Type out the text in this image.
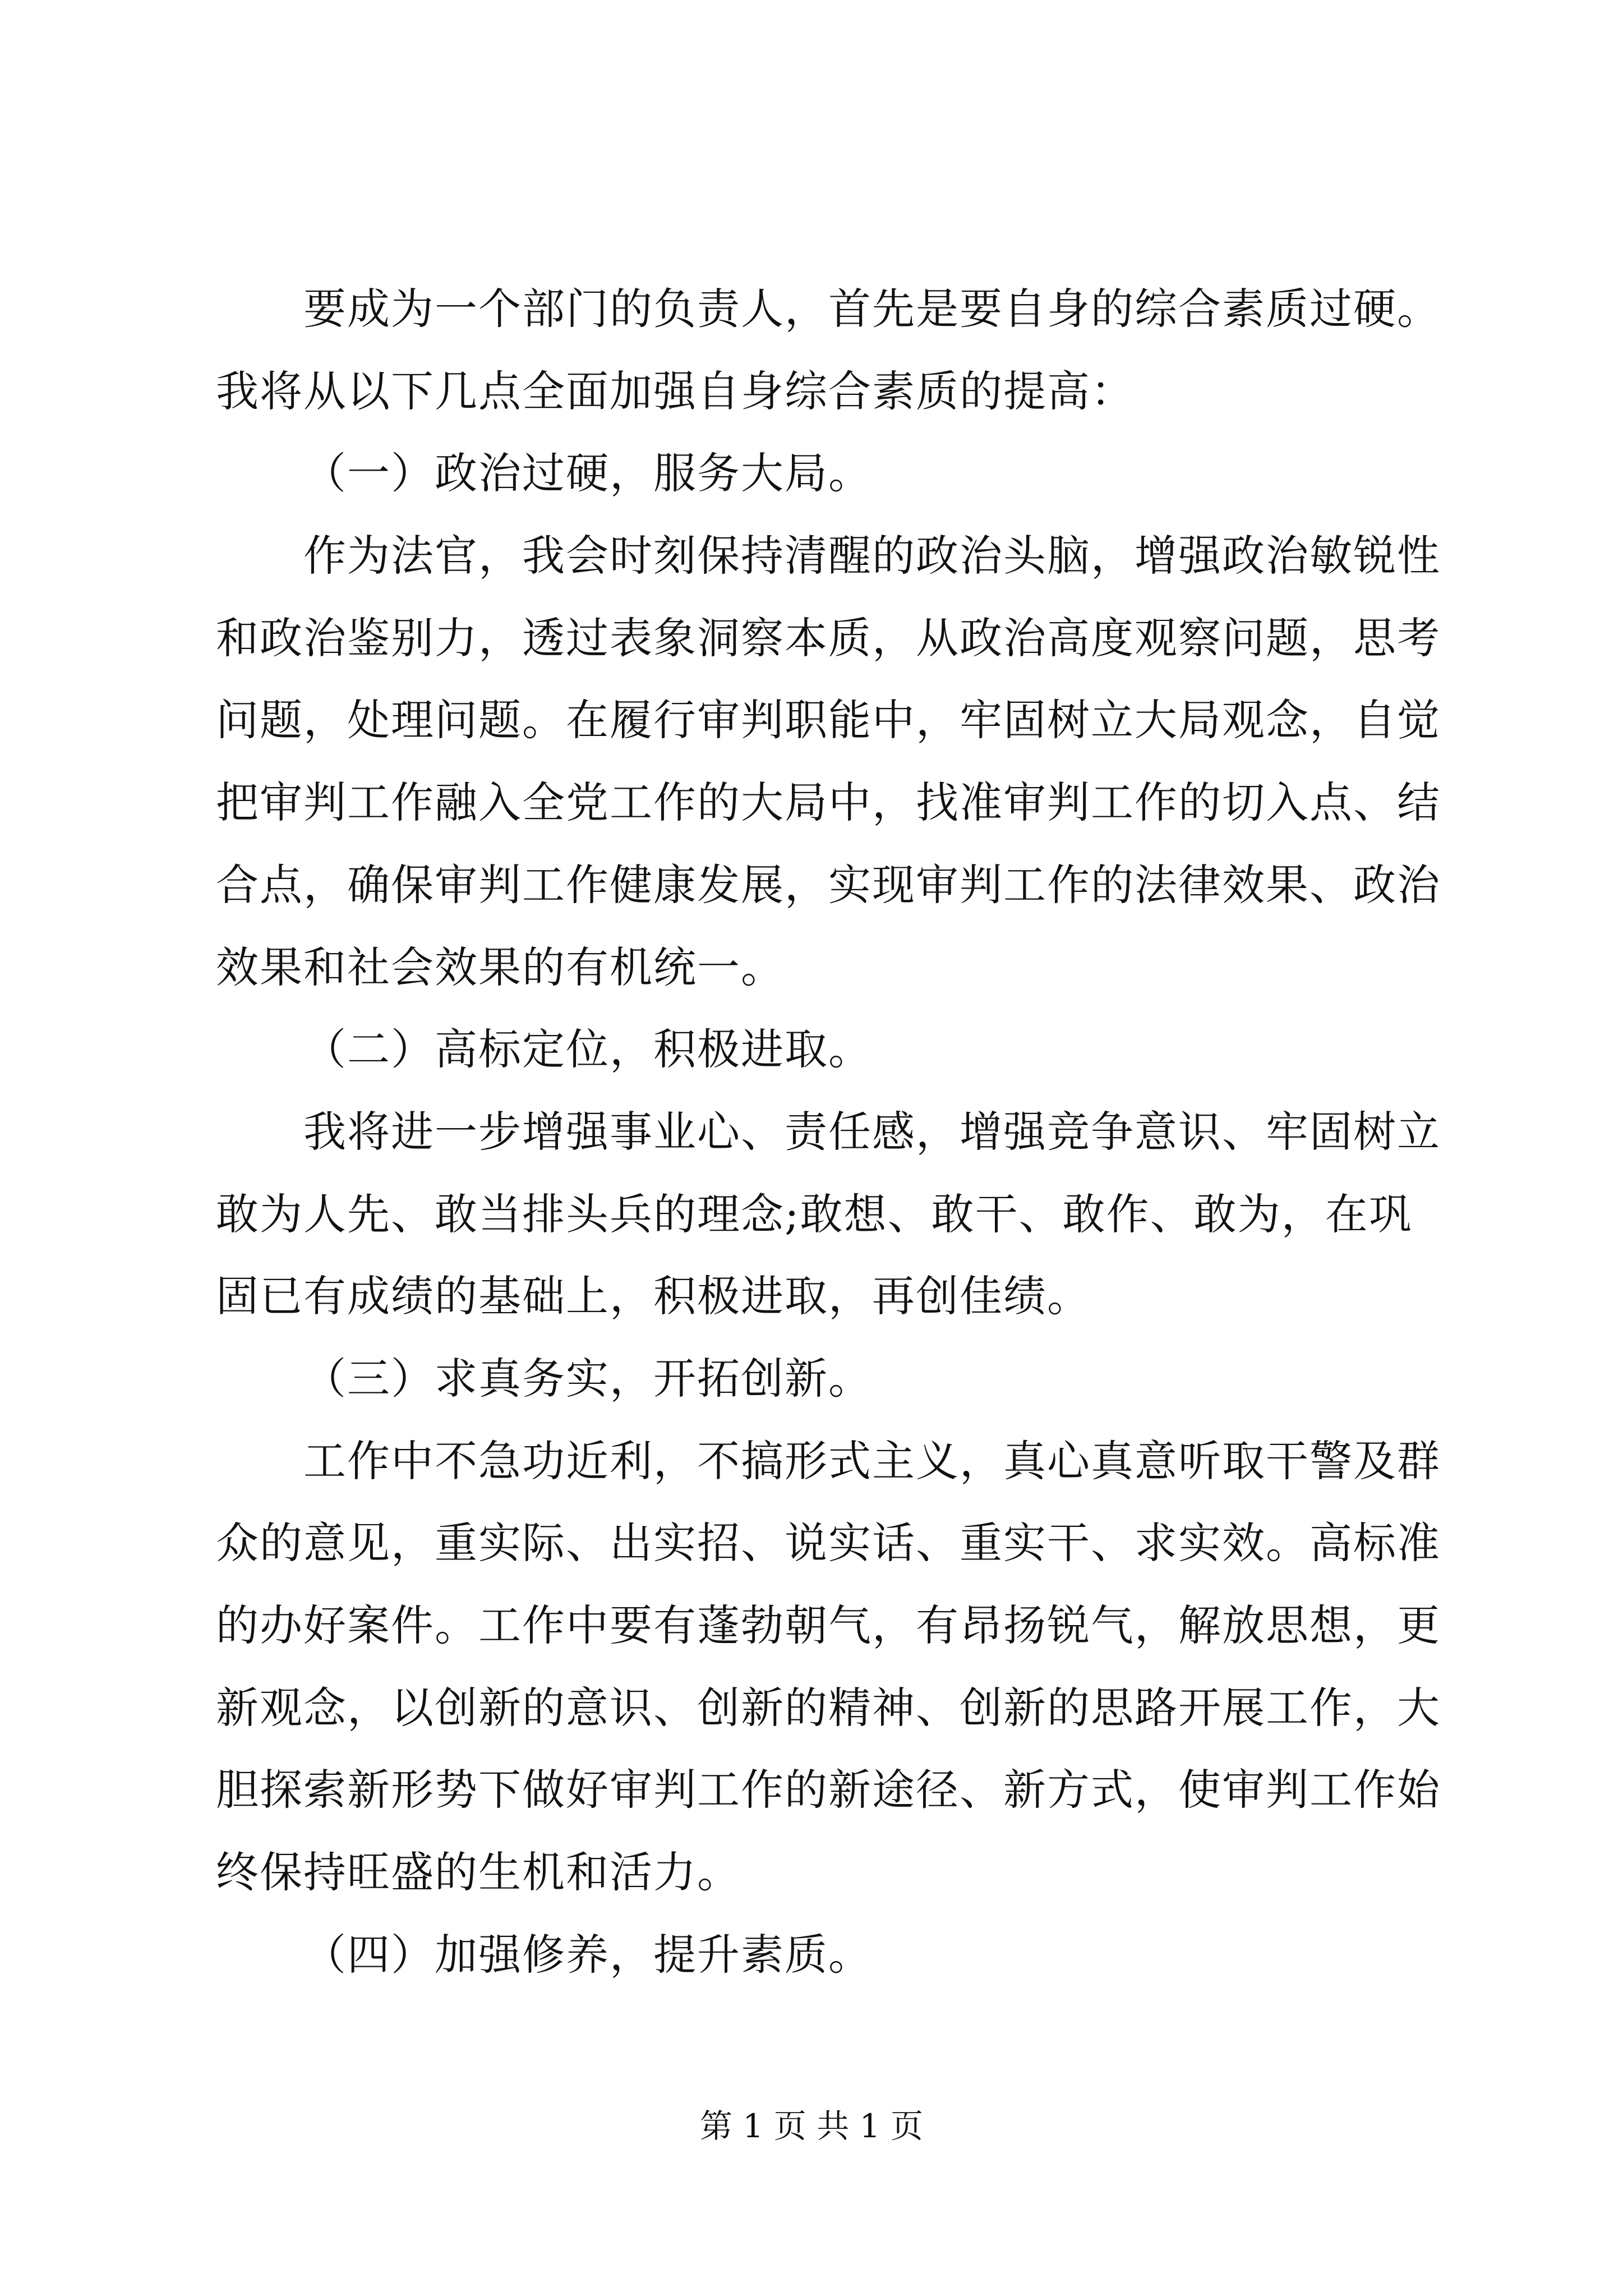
要成为一个部门的负责人，首先是要自身的综合素质过硬。
我将从以下几点全面加强自身综合素质的提高：
（一）政治过硬，服务大局。
作为法官，我会时刻保持清醒的政治头脑，增强政治敏锐性
和政治鉴别力，透过表象洞察本质，从政治高度观察问题，思考
问题，处理问题。在履行审判职能中，牢固树立大局观念，自觉
把审判工作融入全党工作的大局中，找准审判工作的切入点、结
合点，确保审判工作健康发展，实现审判工作的法律效果、政治
效果和社会效果的有机统一。
（二）高标定位，积极进取。
我将进一步增强事业心、责任感，增强竞争意识、牢固树立
敢为人先、敢当排头兵的理念;敢想、敢干、敢作、敢为，在巩
固已有成绩的基础上，积极进取，再创佳绩。
（三）求真务实，开拓创新。
工作中不急功近利，不搞形式主义，真心真意听取干警及群
众的意见，重实际、出实招、说实话、重实干、求实效。高标准
的办好案件。工作中要有蓬勃朝气，有昂扬锐气，解放思想，更
新观念，以创新的意识、创新的精神、创新的思路开展工作，大
胆探索新形势下做好审判工作的新途径、新方式，使审判工作始
终保持旺盛的生机和活力。
（四）加强修养，提升素质。
第 1 页 共 1 页
